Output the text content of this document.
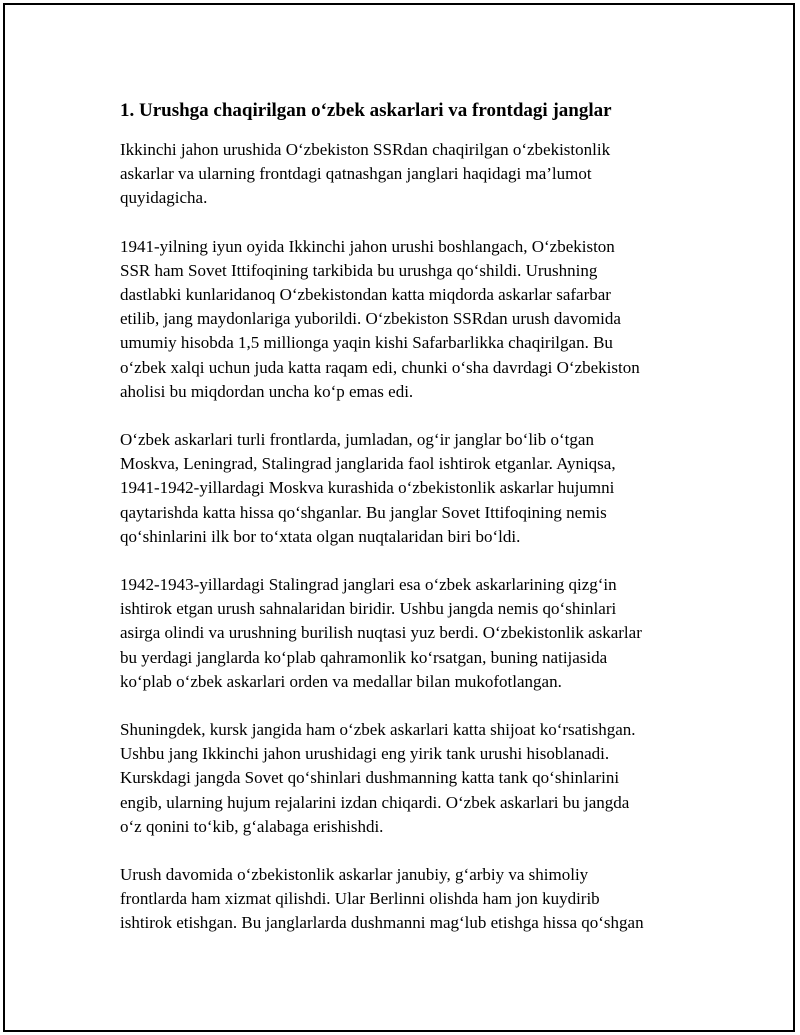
1. Urushga chaqirilgan o‘zbek askarlari va frontdagi janglar
Ikkinchi jahon urushida O‘zbekiston SSRdan chaqirilgan o‘zbekistonlik
askarlar va ularning frontdagi qatnashgan janglari haqidagi ma’lumot
quyidagicha.
1941-yilning iyun oyida Ikkinchi jahon urushi boshlangach, O‘zbekiston
SSR ham Sovet Ittifoqining tarkibida bu urushga qo‘shildi. Urushning
dastlabki kunlaridanoq O‘zbekistondan katta miqdorda askarlar safarbar
etilib, jang maydonlariga yuborildi. O‘zbekiston SSRdan urush davomida
umumiy hisobda 1,5 millionga yaqin kishi Safarbarlikka chaqirilgan. Bu
o‘zbek xalqi uchun juda katta raqam edi, chunki o‘sha davrdagi O‘zbekiston
aholisi bu miqdordan uncha ko‘p emas edi.
O‘zbek askarlari turli frontlarda, jumladan, og‘ir janglar bo‘lib o‘tgan
Moskva, Leningrad, Stalingrad janglarida faol ishtirok etganlar. Ayniqsa,
1941-1942-yillardagi Moskva kurashida o‘zbekistonlik askarlar hujumni
qaytarishda katta hissa qo‘shganlar. Bu janglar Sovet Ittifoqining nemis
qo‘shinlarini ilk bor to‘xtata olgan nuqtalaridan biri bo‘ldi.
1942-1943-yillardagi Stalingrad janglari esa o‘zbek askarlarining qizg‘in
ishtirok etgan urush sahnalaridan biridir. Ushbu jangda nemis qo‘shinlari
asirga olindi va urushning burilish nuqtasi yuz berdi. O‘zbekistonlik askarlar
bu yerdagi janglarda ko‘plab qahramonlik ko‘rsatgan, buning natijasida
ko‘plab o‘zbek askarlari orden va medallar bilan mukofotlangan.
Shuningdek, kursk jangida ham o‘zbek askarlari katta shijoat ko‘rsatishgan.
Ushbu jang Ikkinchi jahon urushidagi eng yirik tank urushi hisoblanadi.
Kurskdagi jangda Sovet qo‘shinlari dushmanning katta tank qo‘shinlarini
engib, ularning hujum rejalarini izdan chiqardi. O‘zbek askarlari bu jangda
o‘z qonini to‘kib, g‘alabaga erishishdi.
Urush davomida o‘zbekistonlik askarlar janubiy, g‘arbiy va shimoliy
frontlarda ham xizmat qilishdi. Ular Berlinni olishda ham jon kuydirib
ishtirok etishgan. Bu janglarlarda dushmanni mag‘lub etishga hissa qo‘shgan
